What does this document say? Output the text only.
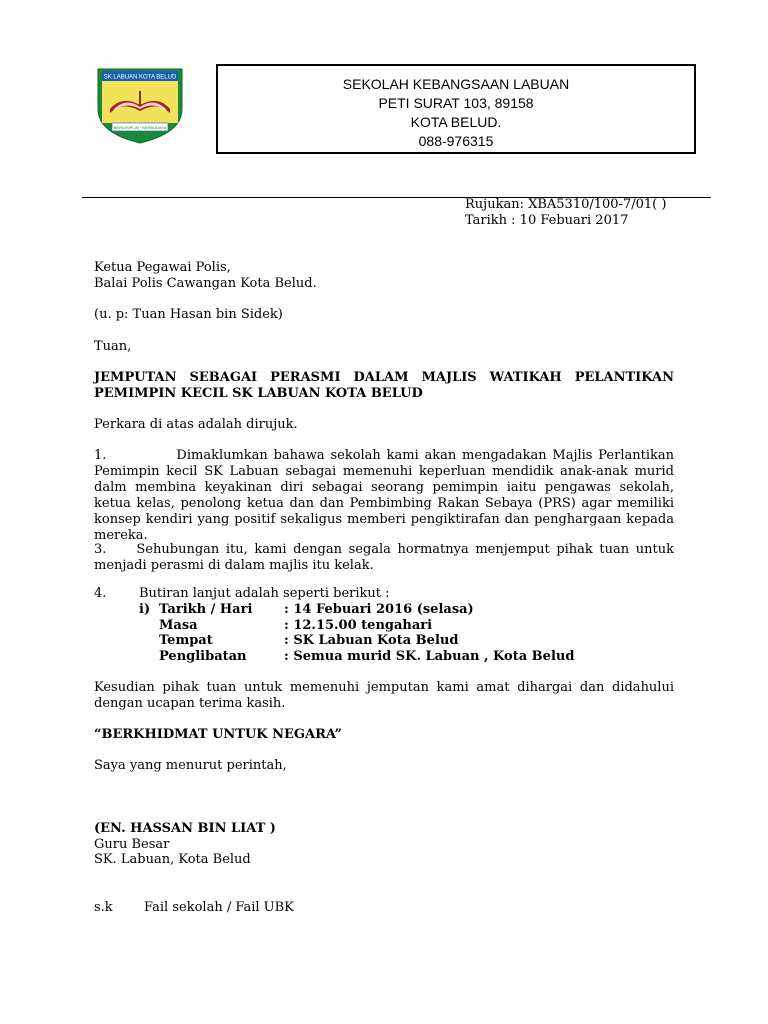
SK LABUAN KOTA BELUD
BERDISIPLIN · BERBUDAYA
SEKOLAH KEBANGSAAN LABUAN
PETI SURAT 103, 89158
KOTA BELUD.
088-976315
Rujukan: XBA5310/100-7/01( )
Tarikh : 10 Febuari 2017
Ketua Pegawai Polis,
Balai Polis Cawangan Kota Belud.
(u. p: Tuan Hasan bin Sidek)
Tuan,
JEMPUTAN SEBAGAI PERASMI DALAM MAJLIS WATIKAH PELANTIKAN PEMIMPIN KECIL SK LABUAN KOTA BELUD
Perkara di atas adalah dirujuk.
1.	Dimaklumkan bahawa sekolah kami akan mengadakan Majlis Perlantikan Pemimpin kecil SK Labuan sebagai memenuhi keperluan mendidik anak-anak murid dalm membina keyakinan diri sebagai seorang pemimpin iaitu pengawas sekolah, ketua kelas, penolong ketua dan dan Pembimbing Rakan Sebaya (PRS) agar memiliki konsep kendiri yang positif sekaligus memberi pengiktirafan dan penghargaan kepada mereka.
3. Sehubungan itu, kami dengan segala hormatnya menjemput pihak tuan untuk menjadi perasmi di dalam majlis itu kelak.
4.	Butiran lanjut adalah seperti berikut :
i) Tarikh / Hari : 14 Febuari 2016 (selasa)
Masa	: 12.15.00 tengahari
Tempat	: SK Labuan Kota Belud
Penglibatan	: Semua murid SK. Labuan , Kota Belud
Kesudian pihak tuan untuk memenuhi jemputan kami amat dihargai dan didahului dengan ucapan terima kasih.
“BERKHIDMAT UNTUK NEGARA”
Saya yang menurut perintah,
(EN. HASSAN BIN LIAT )
Guru Besar
SK. Labuan, Kota Belud
s.k Fail sekolah / Fail UBK
